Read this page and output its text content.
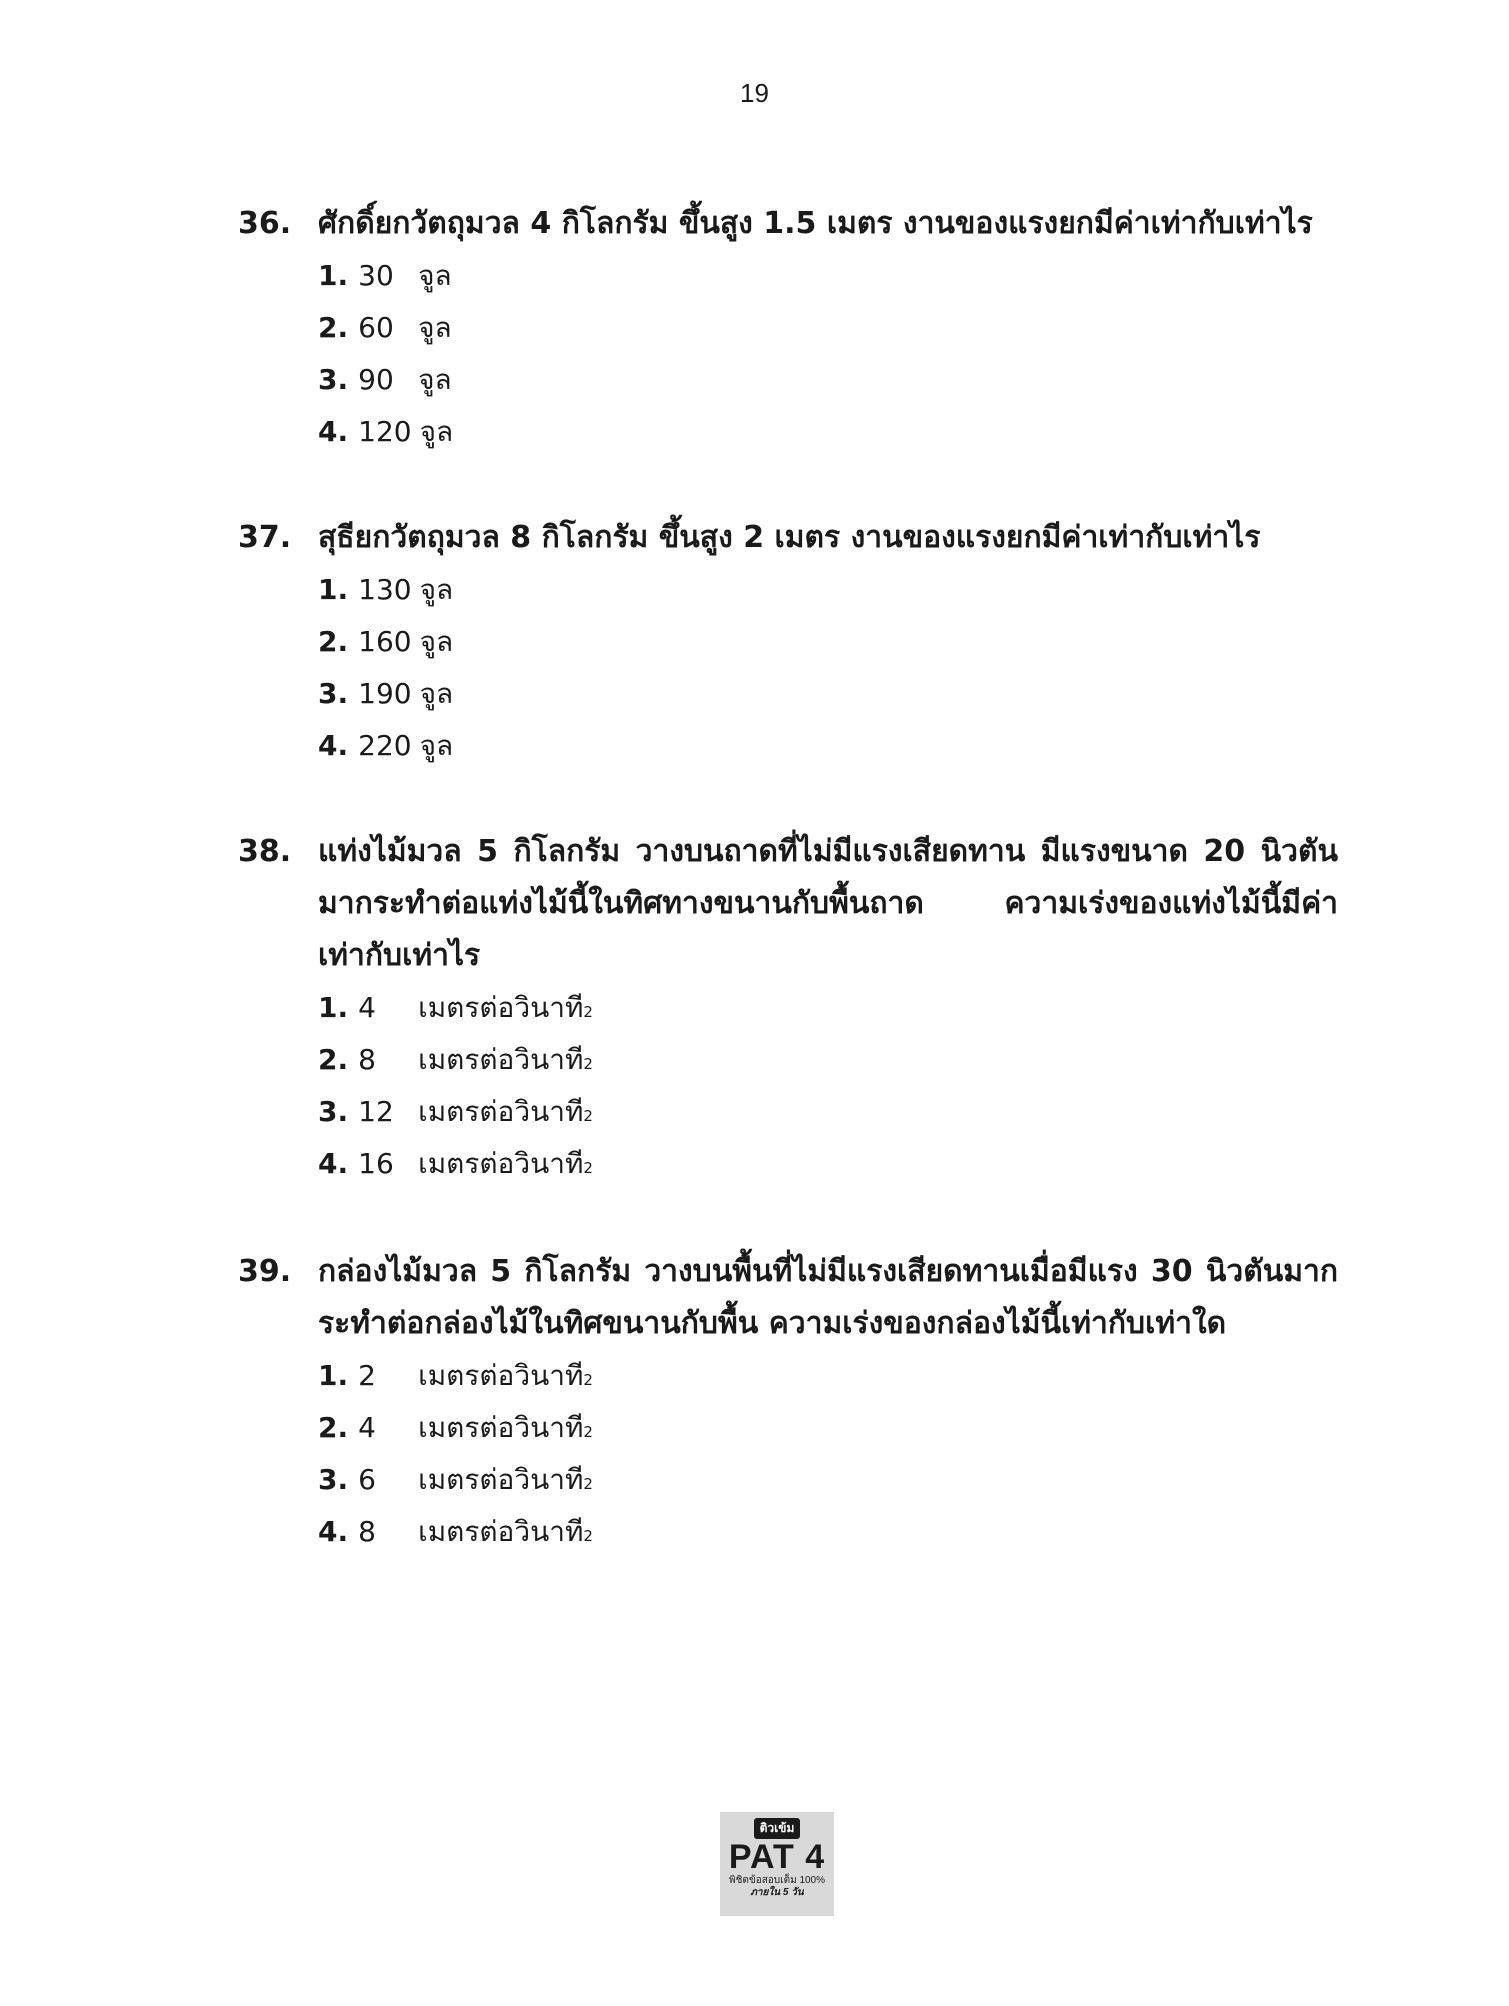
19
36. ศักดิ์ยกวัตถุมวล 4 กิโลกรัม ขึ้นสูง 1.5 เมตร งานของแรงยกมีค่าเท่ากับเท่าไร
1. 30 จูล
2. 60 จูล
3. 90 จูล
4. 120 จูล
37. สุธียกวัตถุมวล 8 กิโลกรัม ขึ้นสูง 2 เมตร งานของแรงยกมีค่าเท่ากับเท่าไร
1. 130 จูล
2. 160 จูล
3. 190 จูล
4. 220 จูล
38. แท่งไม้มวล 5 กิโลกรัม วางบนถาดที่ไม่มีแรงเสียดทาน มีแรงขนาด 20 นิวตันมากระทำต่อแท่งไม้นี้ในทิศทางขนานกับพื้นถาด ความเร่งของแท่งไม้นี้มีค่าเท่ากับเท่าไร
1. 4	เมตรต่อวินาที 2
2. 8	เมตรต่อวินาที 2
3. 12 เมตรต่อวินาที 2
4. 16 เมตรต่อวินาที 2
39. กล่องไม้มวล 5 กิโลกรัม วางบนพื้นที่ไม่มีแรงเสียดทานเมื่อมีแรง 30 นิวตันมากระทำต่อกล่องไม้ในทิศขนานกับพื้น ความเร่งของกล่องไม้นี้เท่ากับเท่าใด
1. 2	เมตรต่อวินาที 2
2. 4	เมตรต่อวินาที 2
3. 6	เมตรต่อวินาที 2
4. 8	เมตรต่อวินาที 2
ติวเข้ม
PAT 4
พิชิตข้อสอบเต็ม 100%
ภายใน 5 วัน
